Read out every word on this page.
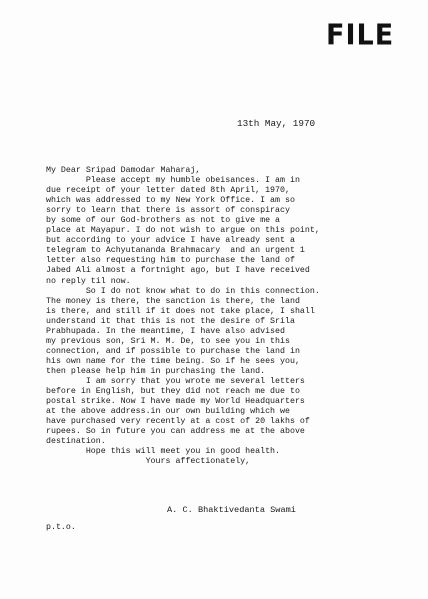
FILE
13th May, 1970
My Dear Sripad Damodar Maharaj,
Please accept my humble obeisances. I am in
due receipt of your letter dated 8th April, 1970,
which was addressed to my New York Office. I am so
sorry to learn that there is assort of conspiracy
by some of our God-brothers as not to give me a
place at Mayapur. I do not wish to argue on this point,
but according to your advice I have already sent a
telegram to Achyutananda Brahmacary  and an urgent 1
letter also requesting him to purchase the land of
Jabed Ali almost a fortnight ago, but I have received
no reply til now.
So I do not know what to do in this connection.
The money is there, the sanction is there, the land
is there, and still if it does not take place, I shall
understand it that this is not the desire of Srila
Prabhupada. In the meantime, I have also advised
my previous son, Sri M. M. De, to see you in this
connection, and if possible to purchase the land in
his own name for the time being. So if he sees you,
then please help him in purchasing the land.
I am sorry that you wrote me several letters
before in English, but they did not reach me due to
postal strike. Now I have made my World Headquarters
at the above address.in our own building which we
have purchased very recently at a cost of 20 lakhs of
rupees. So in future you can address me at the above
destination.
Hope this will meet you in good health.
Yours affectionately,
A. C. Bhaktivedanta Swami
p.t.o.
